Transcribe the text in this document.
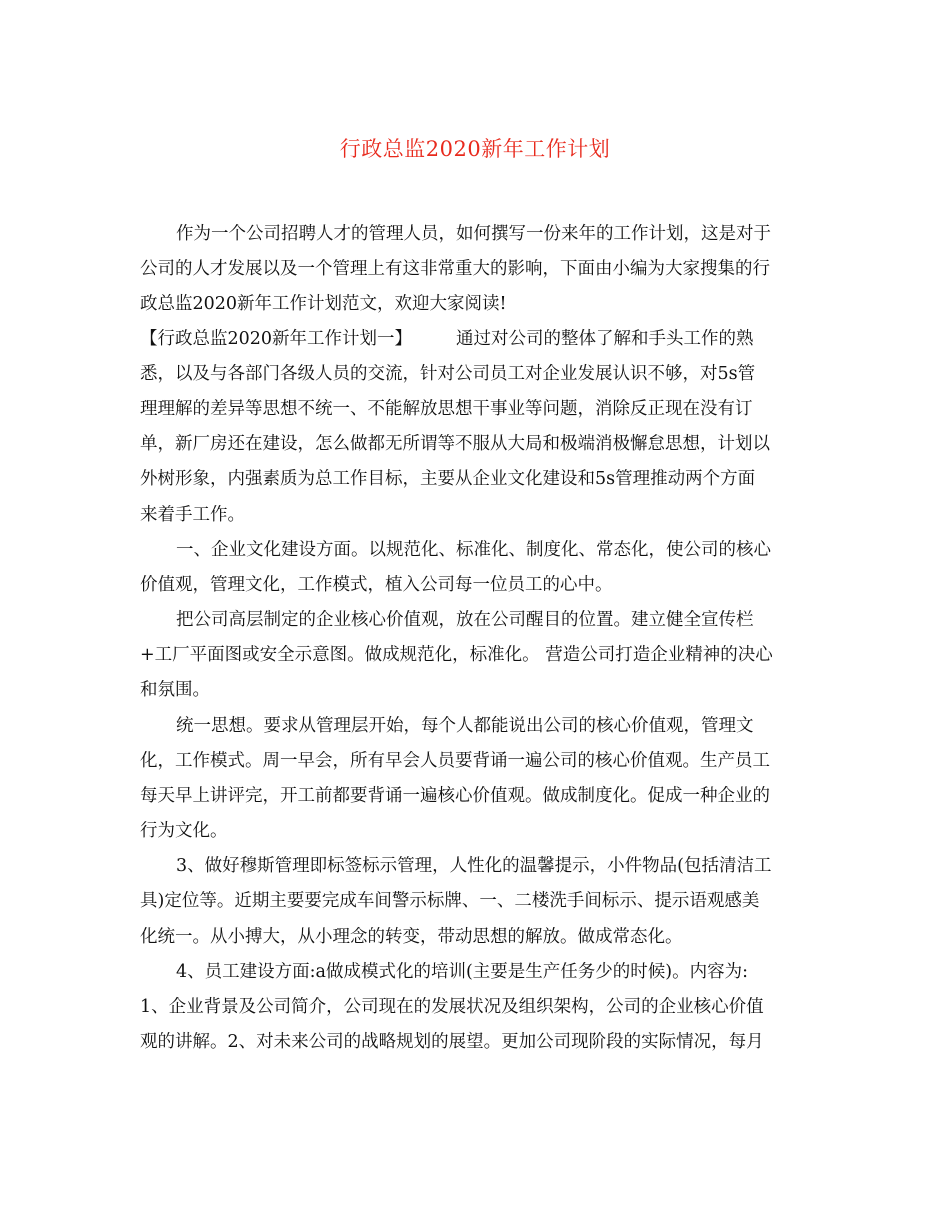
行政总监2020新年工作计划
作为一个公司招聘人才的管理人员，如何撰写一份来年的工作计划，这是对于
公司的人才发展以及一个管理上有这非常重大的影响，下面由小编为大家搜集的行
政总监2020新年工作计划范文，欢迎大家阅读!
【行政总监2020新年工作计划一】	通过对公司的整体了解和手头工作的熟
悉，以及与各部门各级人员的交流，针对公司员工对企业发展认识不够，对5s管
理理解的差异等思想不统一、不能解放思想干事业等问题，消除反正现在没有订
单，新厂房还在建设，怎么做都无所谓等不服从大局和极端消极懈怠思想，计划以
外树形象，内强素质为总工作目标，主要从企业文化建设和5s管理推动两个方面
来着手工作。
一、企业文化建设方面。以规范化、标准化、制度化、常态化，使公司的核心
价值观，管理文化，工作模式，植入公司每一位员工的心中。
把公司高层制定的企业核心价值观，放在公司醒目的位置。建立健全宣传栏
+工厂平面图或安全示意图。做成规范化，标准化。 营造公司打造企业精神的决心
和氛围。
统一思想。要求从管理层开始，每个人都能说出公司的核心价值观，管理文
化，工作模式。周一早会，所有早会人员要背诵一遍公司的核心价值观。生产员工
每天早上讲评完，开工前都要背诵一遍核心价值观。做成制度化。促成一种企业的
行为文化。
3、做好穆斯管理即标签标示管理，人性化的温馨提示，小件物品(包括清洁工
具)定位等。近期主要要完成车间警示标牌、一、二楼洗手间标示、提示语观感美
化统一。从小搏大，从小理念的转变，带动思想的解放。做成常态化。
4、员工建设方面:a做成模式化的培训(主要是生产任务少的时候)。内容为:
1、企业背景及公司简介，公司现在的发展状况及组织架构，公司的企业核心价值
观的讲解。2、对未来公司的战略规划的展望。更加公司现阶段的实际情况，每月
